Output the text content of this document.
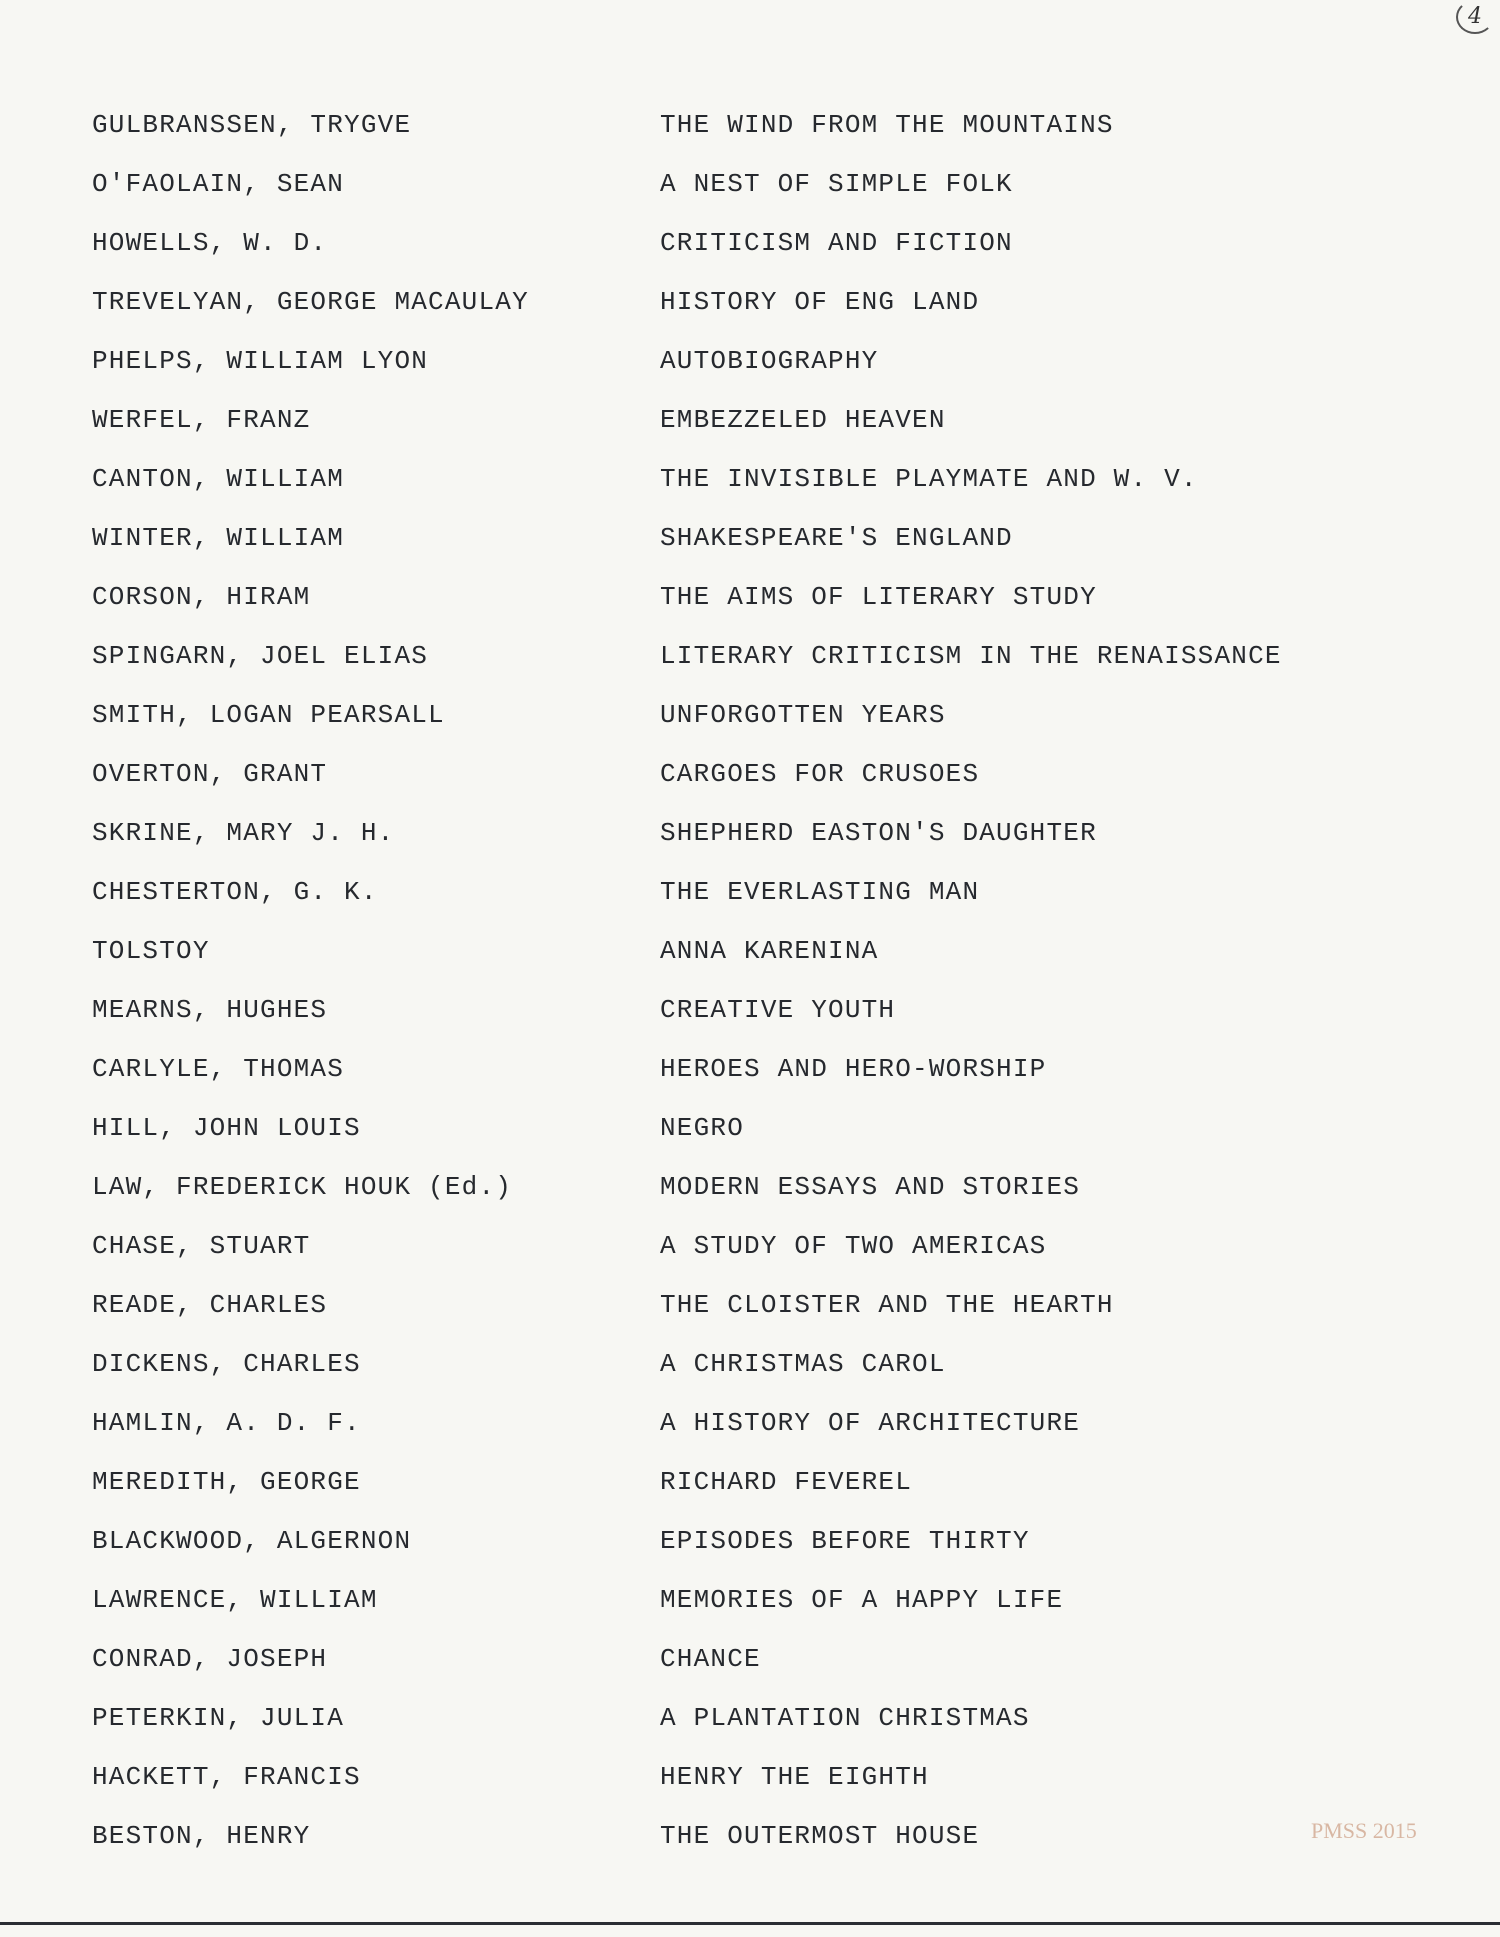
4
GULBRANSSEN, TRYGVE	THE WIND FROM THE MOUNTAINS
O'FAOLAIN, SEAN	A NEST OF SIMPLE FOLK
HOWELLS, W. D.	CRITICISM AND FICTION
TREVELYAN, GEORGE MACAULAY	HISTORY OF ENG LAND
PHELPS, WILLIAM LYON	AUTOBIOGRAPHY
WERFEL, FRANZ	EMBEZZELED HEAVEN
CANTON, WILLIAM	THE INVISIBLE PLAYMATE AND W. V.
WINTER, WILLIAM	SHAKESPEARE'S ENGLAND
CORSON, HIRAM	THE AIMS OF LITERARY STUDY
SPINGARN, JOEL ELIAS	LITERARY CRITICISM IN THE RENAISSANCE
SMITH, LOGAN PEARSALL	UNFORGOTTEN YEARS
OVERTON, GRANT	CARGOES FOR CRUSOES
SKRINE, MARY J. H.	SHEPHERD EASTON'S DAUGHTER
CHESTERTON, G. K.	THE EVERLASTING MAN
TOLSTOY	ANNA KARENINA
MEARNS, HUGHES	CREATIVE YOUTH
CARLYLE, THOMAS	HEROES AND HERO-WORSHIP
HILL, JOHN LOUIS	NEGRO
LAW, FREDERICK HOUK (Ed.)	MODERN ESSAYS AND STORIES
CHASE, STUART	A STUDY OF TWO AMERICAS
READE, CHARLES	THE CLOISTER AND THE HEARTH
DICKENS, CHARLES	A CHRISTMAS CAROL
HAMLIN, A. D. F.	A HISTORY OF ARCHITECTURE
MEREDITH, GEORGE	RICHARD FEVEREL
BLACKWOOD, ALGERNON	EPISODES BEFORE THIRTY
LAWRENCE, WILLIAM	MEMORIES OF A HAPPY LIFE
CONRAD, JOSEPH	CHANCE
PETERKIN, JULIA	A PLANTATION CHRISTMAS
HACKETT, FRANCIS	HENRY THE EIGHTH
BESTON, HENRY	THE OUTERMOST HOUSE	PMSS 2015
